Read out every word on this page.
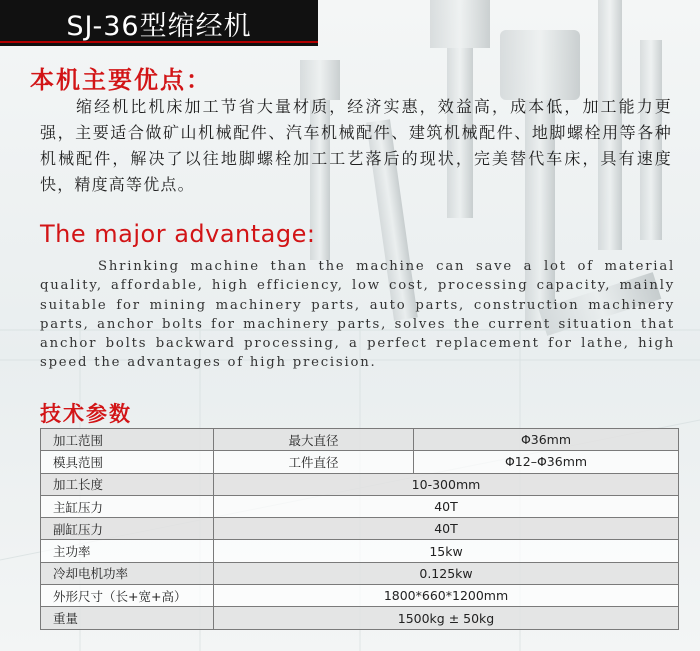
SJ-36型缩经机
本机主要优点：
缩经机比机床加工节省大量材质，经济实惠，效益高，成本低，加工能力更强，主要适合做矿山机械配件、汽车机械配件、建筑机械配件、地脚螺栓用等各种机械配件，解决了以往地脚螺栓加工工艺落后的现状，完美替代车床，具有速度快，精度高等优点。
The major advantage:
Shrinking machine than the machine can save a lot of material quality, affordable, high efficiency, low cost, processing capacity, mainly suitable for mining machinery parts, auto parts, construction machinery parts, anchor bolts for machinery parts, solves the current situation that anchor bolts backward processing, a perfect replacement for lathe, high speed the advantages of high precision.
技术参数
加工范围	最大直径	Φ36mm
模具范围	工件直径	Φ12–Φ36mm
加工长度	10-300mm	
主缸压力	40T	
副缸压力	40T	
主功率	15kw	
冷却电机功率	0.125kw	
外形尺寸（长+宽+高）	1800*660*1200mm	
重量	1500kg ± 50kg	
